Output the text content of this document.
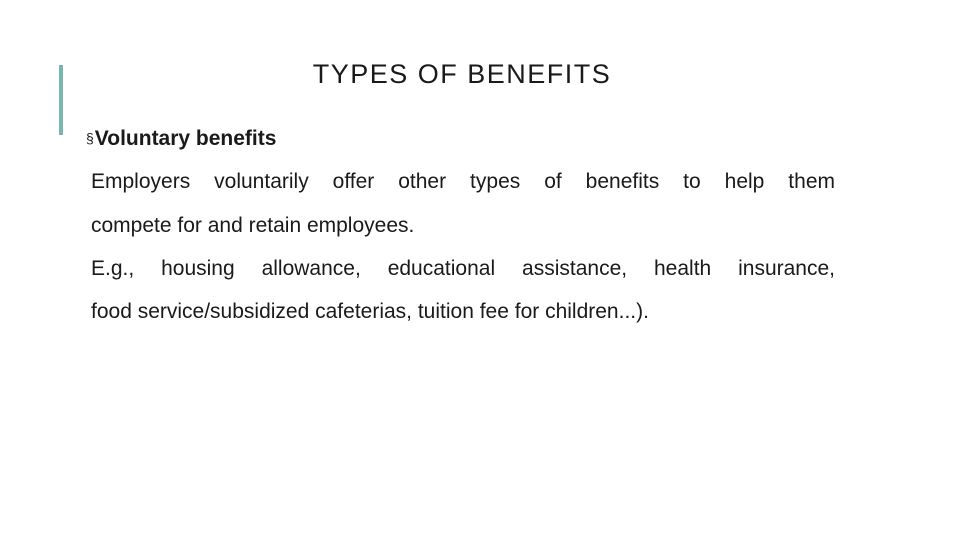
TYPES OF BENEFITS
§Voluntary benefits
Employers voluntarily offer other types of benefits to help them
compete for and retain employees.
E.g., housing allowance, educational assistance, health insurance,
food service/subsidized cafeterias, tuition fee for children...).
